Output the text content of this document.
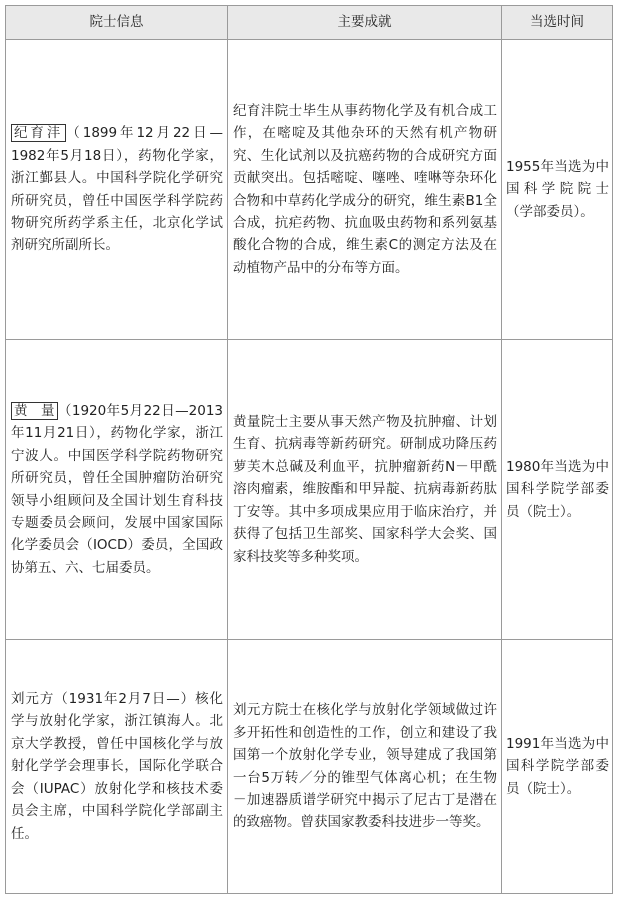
院士信息	主要成就	当选时间
纪育沣 （1899年12月22日—1982年5月18日），药物化学家，浙江鄞县人。中国科学院化学研究所研究员，曾任中国医学科学院药物研究所药学系主任，北京化学试剂研究所副所长。	纪育沣院士毕生从事药物化学及有机合成工作，在嘧啶及其他杂环的天然有机产物研究、生化试剂以及抗癌药物的合成研究方面贡献突出。包括嘧啶、噻唑、喹啉等杂环化合物和中草药化学成分的研究，维生素B1全合成，抗疟药物、抗血吸虫药物和系列氨基酸化合物的合成，维生素C的测定方法及在动植物产品中的分布等方面。	1955年当选为中国科学院院士（学部委员）。
黄量（1920年5月22日—2013年11月21日），药物化学家，浙江宁波人。中国医学科学院药物研究所研究员，曾任全国肿瘤防治研究领导小组顾问及全国计划生育科技专题委员会顾问，发展中国家国际化学委员会（IOCD）委员，全国政协第五、六、七届委员。	黄量院士主要从事天然产物及抗肿瘤、计划生育、抗病毒等新药研究。研制成功降压药萝芙木总碱及利血平，抗肿瘤新药N－甲酰溶肉瘤素，维胺酯和甲异靛、抗病毒新药肽丁安等。其中多项成果应用于临床治疗，并获得了包括卫生部奖、国家科学大会奖、国家科技奖等多种奖项。	1980年当选为中国科学院学部委员（院士）。
刘元方（1931年2月7日—）核化学与放射化学家，浙江镇海人。北京大学教授，曾任中国核化学与放射化学学会理事长，国际化学联合会（IUPAC）放射化学和核技术委员会主席，中国科学院化学部副主任。	刘元方院士在核化学与放射化学领域做过许多开拓性和创造性的工作，创立和建设了我国第一个放射化学专业，领导建成了我国第一台5万转／分的锥型气体离心机；在生物－加速器质谱学研究中揭示了尼古丁是潜在的致癌物。曾获国家教委科技进步一等奖。	1991年当选为中国科学院学部委员（院士）。
